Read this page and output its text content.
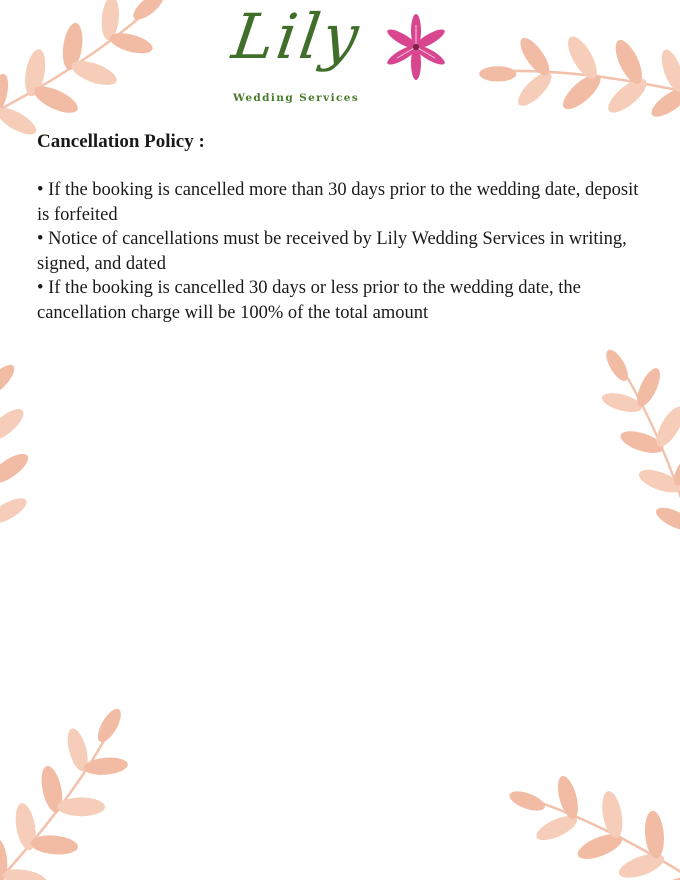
Lily
Wedding Services
Cancellation Policy :
• If the booking is cancelled more than 30 days prior to the wedding date, deposit is forfeited
• Notice of cancellations must be received by Lily Wedding Services in writing, signed, and dated
• If the booking is cancelled 30 days or less prior to the wedding date, the cancellation charge will be 100% of the total amount
